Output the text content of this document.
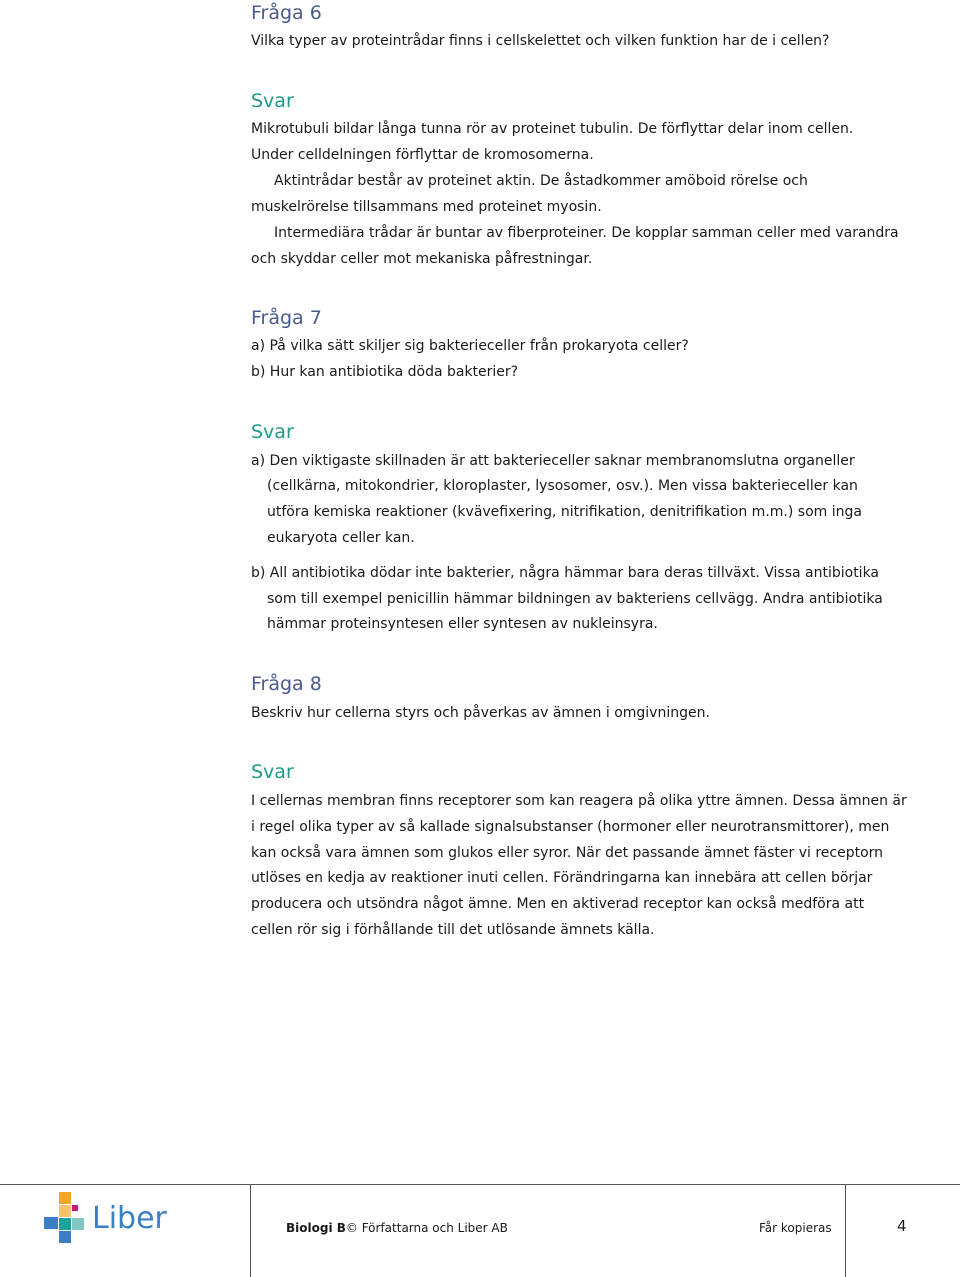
Fråga 6
Vilka typer av proteintrådar finns i cellskelettet och vilken funktion har de i cellen?
Svar
Mikrotubuli bildar långa tunna rör av proteinet tubulin. De förflyttar delar inom cellen.
Under celldelningen förflyttar de kromosomerna.
Aktintrådar består av proteinet aktin. De åstadkommer amöboid rörelse och
muskelrörelse tillsammans med proteinet myosin.
Intermediära trådar är buntar av fiberproteiner. De kopplar samman celler med varandra
och skyddar celler mot mekaniska påfrestningar.
Fråga 7
a) På vilka sätt skiljer sig bakterieceller från prokaryota celler?
b) Hur kan antibiotika döda bakterier?
Svar
a) Den viktigaste skillnaden är att bakterieceller saknar membranomslutna organeller
(cellkärna, mitokondrier, kloroplaster, lysosomer, osv.). Men vissa bakterieceller kan
utföra kemiska reaktioner (kvävefixering, nitrifikation, denitrifikation m.m.) som inga
eukaryota celler kan.
b) All antibiotika dödar inte bakterier, några hämmar bara deras tillväxt. Vissa antibiotika
som till exempel penicillin hämmar bildningen av bakteriens cellvägg. Andra antibiotika
hämmar proteinsyntesen eller syntesen av nukleinsyra.
Fråga 8
Beskriv hur cellerna styrs och påverkas av ämnen i omgivningen.
Svar
I cellernas membran finns receptorer som kan reagera på olika yttre ämnen. Dessa ämnen är
i regel olika typer av så kallade signalsubstanser (hormoner eller neurotransmittorer), men
kan också vara ämnen som glukos eller syror. När det passande ämnet fäster vi receptorn
utlöses en kedja av reaktioner inuti cellen. Förändringarna kan innebära att cellen börjar
producera och utsöndra något ämne. Men en aktiverad receptor kan också medföra att
cellen rör sig i förhållande till det utlösande ämnets källa.
Liber	Biologi B© Författarna och Liber AB	Får kopieras	4
